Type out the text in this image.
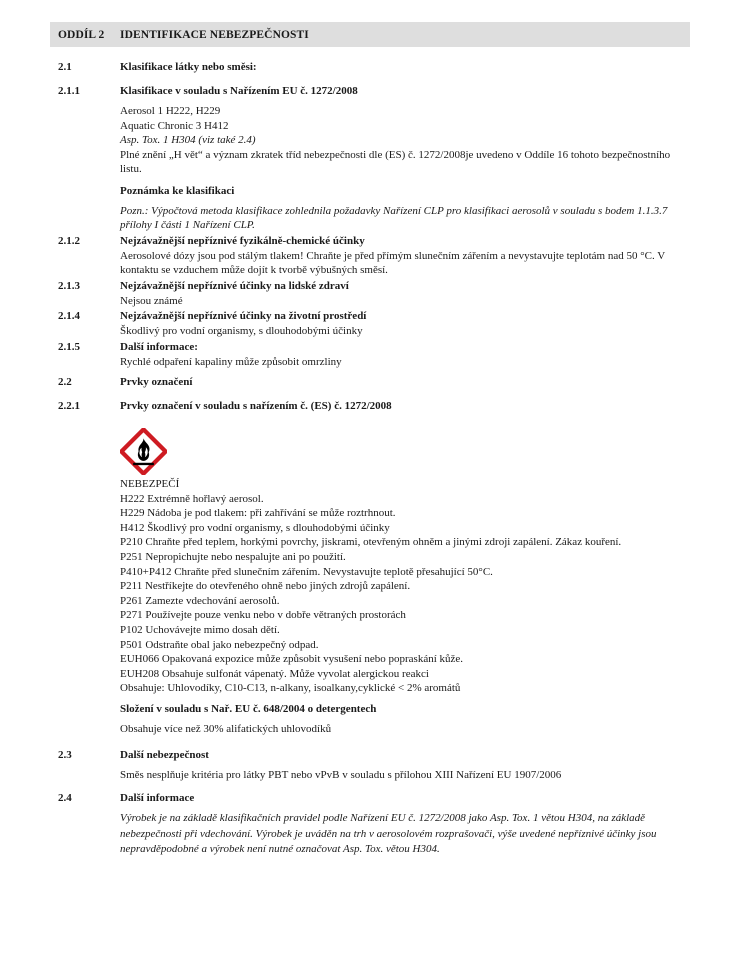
ODDÍL 2	IDENTIFIKACE NEBEZPEČNOSTI
2.1	Klasifikace látky nebo směsi:

2.1.1	Klasifikace v souladu s Nařízením EU č. 1272/2008

Aerosol 1 H222, H229

Aquatic Chronic 3 H412

Asp. Tox. 1 H304 (viz také 2.4)

Plné znění „H vět“ a význam zkratek tříd nebezpečnosti dle (ES) č. 1272/2008je uvedeno v Oddíle 16 tohoto bezpečnostního listu.

Poznámka ke klasifikaci

Pozn.: Výpočtová metoda klasifikace zohlednila požadavky Nařízení CLP pro klasifikaci aerosolů v souladu s bodem 1.1.3.7 přílohy I části 1 Nařízení CLP.

2.1.2	Nejzávažnější nepříznivé fyzikálně-chemické účinky

Aerosolové dózy jsou pod stálým tlakem! Chraňte je před přímým slunečním zářením a nevystavujte teplotám nad 50 °C. V kontaktu se vzduchem může dojít k tvorbě výbušných směsí.

2.1.3	Nejzávažnější nepříznivé účinky na lidské zdraví

Nejsou známé

2.1.4	Nejzávažnější nepříznivé účinky na životní prostředí

Škodlivý pro vodní organismy, s dlouhodobými účinky

2.1.5	Další informace:

Rychlé odpaření kapaliny může způsobit omrzliny

2.2	Prvky označení

2.2.1	Prvky označení v souladu s nařízením č. (ES) č. 1272/2008

NEBEZPEČÍ

H222 Extrémně hořlavý aerosol.

H229 Nádoba je pod tlakem: při zahřívání se může roztrhnout.

H412 Škodlivý pro vodní organismy, s dlouhodobými účinky

P210 Chraňte před teplem, horkými povrchy, jiskrami, otevřeným ohněm a jinými zdroji zapálení. Zákaz kouření.

P251 Nepropichujte nebo nespalujte ani po použití.

P410+P412 Chraňte před slunečním zářením. Nevystavujte teplotě přesahující 50°C.

P211 Nestříkejte do otevřeného ohně nebo jiných zdrojů zapálení.

P261 Zamezte vdechování aerosolů.

P271 Používejte pouze venku nebo v dobře větraných prostorách

P102 Uchovávejte mimo dosah dětí.

P501 Odstraňte obal jako nebezpečný odpad.

EUH066 Opakovaná expozice může způsobit vysušení nebo popraskání kůže.

EUH208 Obsahuje sulfonát vápenatý. Může vyvolat alergickou reakci

Obsahuje: Uhlovodíky, C10-C13, n-alkany, isoalkany,cyklické < 2% aromátů

Složení v souladu s Nař. EU č. 648/2004 o detergentech

Obsahuje více než 30% alifatických uhlovodíků

2.3	Další nebezpečnost

Směs nesplňuje kritéria pro látky PBT nebo vPvB v souladu s přílohou XIII Nařízení EU 1907/2006

2.4	Další informace

Výrobek je na základě klasifikačních pravidel podle Nařízení EU č. 1272/2008 jako Asp. Tox. 1 větou H304, na základě nebezpečnosti při vdechování. Výrobek je uváděn na trh v aerosolovém rozprašovači, výše uvedené nepříznivé účinky jsou nepravděpodobné a výrobek není nutné označovat Asp. Tox. větou H304.
